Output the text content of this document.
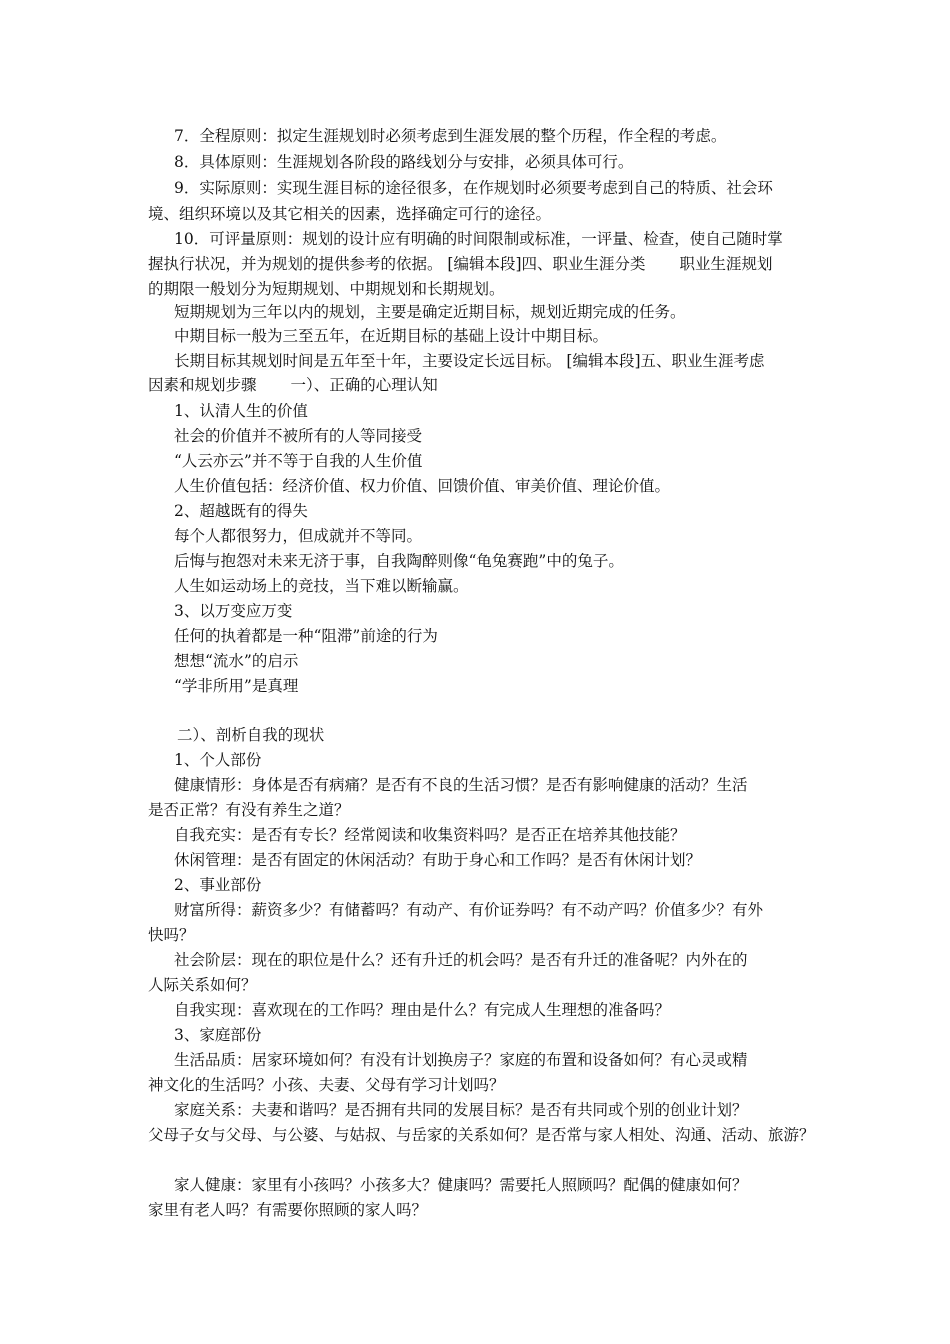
7．全程原则：拟定生涯规划时必须考虑到生涯发展的整个历程，作全程的考虑。

8．具体原则：生涯规划各阶段的路线划分与安排，必须具体可行。

9．实际原则：实现生涯目标的途径很多，在作规划时必须要考虑到自己的特质、社会环

境、组织环境以及其它相关的因素，选择确定可行的途径。

10．可评量原则：规划的设计应有明确的时间限制或标准，一评量、检查，使自己随时掌

握执行状况，并为规划的提供参考的依据。 [编辑本段]四、职业生涯分类 职业生涯规划

的期限一般划分为短期规划、中期规划和长期规划。

短期规划为三年以内的规划，主要是确定近期目标，规划近期完成的任务。

中期目标一般为三至五年，在近期目标的基础上设计中期目标。

长期目标其规划时间是五年至十年，主要设定长远目标。 [编辑本段]五、职业生涯考虑

因素和规划步骤 一）、正确的心理认知

1、认清人生的价值

社会的价值并不被所有的人等同接受

“人云亦云”并不等于自我的人生价值

人生价值包括：经济价值、权力价值、回馈价值、审美价值、理论价值。

2、超越既有的得失

每个人都很努力，但成就并不等同。

后悔与抱怨对未来无济于事，自我陶醉则像“龟兔赛跑”中的兔子。

人生如运动场上的竞技，当下难以断输赢。

3、以万变应万变

任何的执着都是一种“阻滞”前途的行为

想想“流水”的启示

“学非所用”是真理

二）、剖析自我的现状

1、个人部份

健康情形：身体是否有病痛？是否有不良的生活习惯？是否有影响健康的活动？生活

是否正常？有没有养生之道？

自我充实：是否有专长？经常阅读和收集资料吗？是否正在培养其他技能？

休闲管理：是否有固定的休闲活动？有助于身心和工作吗？是否有休闲计划？

2、事业部份

财富所得：薪资多少？有储蓄吗？有动产、有价证券吗？有不动产吗？价值多少？有外

快吗？

社会阶层：现在的职位是什么？还有升迁的机会吗？是否有升迁的准备呢？内外在的

人际关系如何？

自我实现：喜欢现在的工作吗？理由是什么？有完成人生理想的准备吗？

3、家庭部份

生活品质：居家环境如何？有没有计划换房子？家庭的布置和设备如何？有心灵或精

神文化的生活吗？小孩、夫妻、父母有学习计划吗？

家庭关系：夫妻和谐吗？是否拥有共同的发展目标？是否有共同或个别的创业计划？

父母子女与父母、与公婆、与姑叔、与岳家的关系如何？是否常与家人相处、沟通、活动、旅游？

家人健康：家里有小孩吗？小孩多大？健康吗？需要托人照顾吗？配偶的健康如何？

家里有老人吗？有需要你照顾的家人吗？
